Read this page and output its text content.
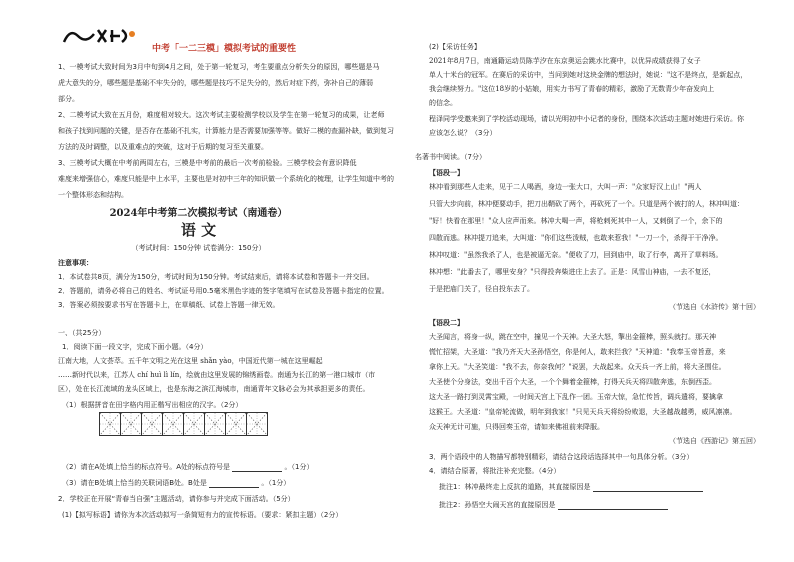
中考「一二三模」模拟考试的重要性
1、一模考试大致时间为3月中旬到4月之间，处于第一轮复习，考生要重点分析失分的原因，哪些题是马
虎大意失的分，哪些题是基础不牢失分的，哪些题是技巧不足失分的，然后对症下药，弥补自己的薄弱
部分。
2、二模考试大致在五月份，难度相对较大。这次考试主要检测学校以及学生在第一轮复习的成果，让老师
和孩子找到问题的关键，是否存在基础不扎实，计算能力是否需要加强等等。做好二模的查漏补缺，做到复习
方法的及时调整，以及重难点的突破，这对于后期的复习至关重要。
3、三模考试大概在中考前两周左右，三模是中考前的最后一次考前检验。三模学校会有意识降低
难度来增强信心，难度只能是中上水平，主要也是对初中三年的知识做一个系统化的梳理，让学生知道中考的
一个整体形态和结构。
2024年中考第二次模拟考试（南通卷）
语 文
（考试时间：150分钟 试卷满分：150分）
注意事项：
1．本试卷共8页，满分为150分，考试时间为150分钟。考试结束后，请将本试卷和答题卡一并交回。
2．答题前，请务必将自己的姓名、考试证号用0.5毫米黑色字迹的签字笔填写在试卷及答题卡指定的位置。
3．答案必须按要求书写在答题卡上，在草稿纸、试卷上答题一律无效。
一、（共25分）
1．阅读下面一段文字，完成下面小题。（4分）
江南大地，人文荟萃。五千年文明之光在这里 shǎn yào，中国近代第一城在这里崛起
……新时代以来，江苏人 chí huì lì lín，绘就由这里发展的锦绣画卷。南通为长江的第一港口城市（市
区），处在长江流域的龙头区域上，也是东海之滨江海城市，南通青年文脉必会为其承担更多的责任。
（1）根据拼音在田字格内用正楷写出相应的汉字。（2分）
（2）请在A处填上恰当的标点符号。A处的标点符号是	。（1分）
（3）请在B处填上恰当的关联词语B处。B处是	。（1分）
2．学校正在开展“青春当自强”主题活动，请你参与并完成下面活动。（5分）
(1)【拟写标语】请你为本次活动拟写一条简短有力的宣传标语。（要求：紧扣主题）（2分）
(2)【采访任务】
2021年8月7日，南通籍运动员陈芋汐在东京奥运会跳水比赛中，以优异成绩获得了女子
单人十米台的冠军。在赛后的采访中，当问到她对这块金牌的想法时，她说："这不是终点，是新起点，
我会继续努力。"这位18岁的小姑娘，用实力书写了青春的精彩，激励了无数青少年奋发向上
的信念。
程泽同学受邀来到了学校活动现场，请以光明初中小记者的身份，围绕本次活动主题对她进行采访。你
应该怎么说？（3分）
名著书中阅读。（7分）
【语段一】
林冲看到那些人走来，见于二人喝酒，身边一张大口，大叫一声："众家好汉上山！"两人
只管大步向前，林冲便要动手，把刀出鞘砍了两个，再砍死了一个。只道是两个被打的人，林冲叫道：
"好！快看在那里！"众人应声而来。林冲大喝一声，将枪刺死其中一人，又刺倒了一个，余下的
四散而逃。林冲提刀追来，大叫道："你们这些泼贼，也敢来惹我！"一刀一个，杀得干干净净。
林冲叹道："虽然我杀了人，也是被逼无奈。"便收了刀，回到庙中，取了行李，离开了草料场。
林冲想："此番去了，哪里安身？"只得投奔柴进庄上去了。正是：风雪山神庙，一去不复还，
于是把庙门关了，径自投东去了。
（节选自《水浒传》第十回）
【语段二】
大圣闻言，将身一纵，跳在空中，撞见一个天神。大圣大怒，掣出金箍棒，照头就打。那天神
慌忙招架，大圣道："我乃齐天大圣孙悟空，你是何人，敢来拦我？"天神道："我奉玉帝旨意，来
拿你上天。"大圣笑道："我不去，你奈我何？"说罢，大战起来。众天兵一齐上前，将大圣围住。
大圣使个分身法，变出千百个大圣，一个个舞着金箍棒，打得天兵天将四散奔逃，东倒西歪。
这大圣一路打到灵霄宝殿，一时间天宫上下乱作一团。玉帝大惊，急忙传旨，调兵遣将，要擒拿
这猴王。大圣道："皇帝轮流做，明年到我家！"只见天兵天将纷纷败退，大圣越战越勇，威风凛凛。
众天神无计可施，只得回奏玉帝，请如来佛祖前来降服。
（节选自《西游记》第五回）
3．两个语段中的人物描写都特别精彩，请结合这段话选择其中一句具体分析。（3分）
4．请结合原著，将批注补充完整。（4分）
批注1：林冲最终走上反抗的道路，其直接原因是
批注2：孙悟空大闹天宫的直接原因是
